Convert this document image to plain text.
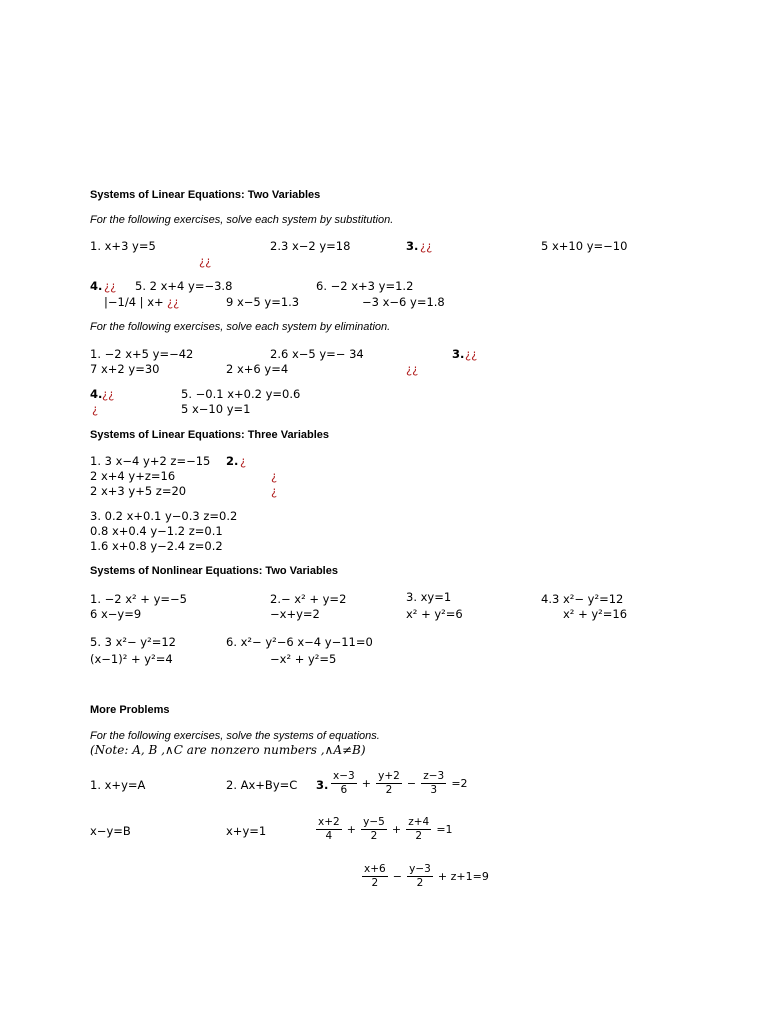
Systems of Linear Equations: Two Variables
For the following exercises, solve each system by substitution.
1. x+3 y=5
¿¿
2.3 x−2 y=18	3. ¿¿	5 x+10 y=−10
4. ¿¿
|−1/4 | x+ ¿¿
5. 2 x+4 y=−3.8
9 x−5 y=1.3
6. −2 x+3 y=1.2
−3 x−6 y=1.8
For the following exercises, solve each system by elimination.
1. −2 x+5 y=−42
7 x+2 y=30
2.6 x−5 y=− 34
2 x+6 y=4	¿¿
3. ¿¿
4. ¿¿
¿
5. −0.1 x+0.2 y=0.6
5 x−10 y=1
Systems of Linear Equations: Three Variables
1. 3 x−4 y+2 z=−15
2 x+4 y+z=16
2 x+3 y+5 z=20
2. ¿
¿
¿
3. 0.2 x+0.1 y−0.3 z=0.2
0.8 x+0.4 y−1.2 z=0.1
1.6 x+0.8 y−2.4 z=0.2
Systems of Nonlinear Equations: Two Variables
1. −2 x² + y=−5
6 x−y=9
2.− x² + y=2
−x+y=2
3. xy=1
x² + y²=6
4.3 x²− y²=12
x² + y²=16
5. 3 x²− y²=12
(x−1)² + y²=4
6. x²− y²−6 x−4 y−11=0
−x² + y²=5
More Problems
For the following exercises, solve the systems of equations.
(Note: A, B ,∧C are nonzero numbers ,∧A≠B)
1. x+y=A
x−y=B
2. Ax+By=C
x+y=1
3. $\frac{x-3}{6} + \frac{y+2}{2} - \frac{z-3}{3} =2$
$\frac{x+2}{4} + \frac{y-5}{2} + \frac{z+4}{2} =1$
$\frac{x+6}{2} - \frac{y-3}{2} + z+1=9$
